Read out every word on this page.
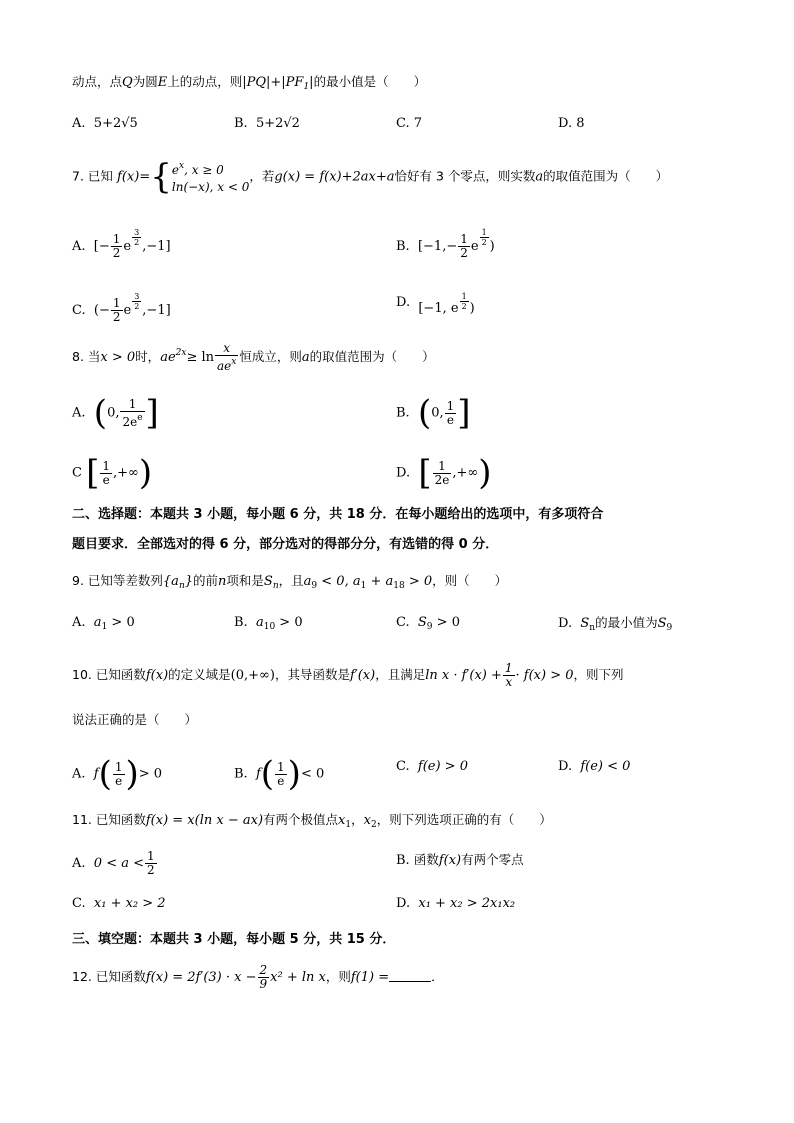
动点，点Q为圆E上的动点，则$|PQ|+|PF_1|$的最小值是（　　）
A. 5+2√5	B. 5+2√2	C. 7	D. 8
7. 已知 f(x)={ $e^x$, x ≥ 0
ln(−x), x < 0
，若g(x) = f(x)+2ax+a恰好有 3 个零点，则实数a的取值范围为（　　）
A. [− $\frac{1}{2}$ e $^{\frac{3}{2}}$ ,−1]	B. [$-1,- \frac{1}{2}$ e $^{\frac{1}{2}}$ )
C. (− $\frac{1}{2}$ e $^{\frac{3}{2}}$ ,−1]
D. [−1, e $^{\frac{1}{2}}$ )
8. 当x > 0时，$ae^{2x}\ge \ln \frac{x}{ae^x}$ 恒成立，则a的取值范围为（　　）
A. (0, $\frac{1}{2e^e}$ ]	B. (0, $\frac{1}{e}$ ]
C [ $\frac{1}{e}$ ,+∞)	D. [ $\frac{1}{2e}$ ,+∞)
二、选择题：本题共 3 小题，每小题 6 分，共 18 分．在每小题给出的选项中，有多项符合
题目要求．全部选对的得 6 分，部分选对的得部分分，有选错的得 0 分．
9. 已知等差数列$\{a_n\}$的前n项和是$S_n$，且$a_9 < 0$, $a_1 + a_{18} > 0$，则（　　）
A. $a_1 > 0$	B. $a_{10} > 0$	C. $S_9 > 0$	D. $S_n$的最小值为$S_9$
10. 已知函数f(x)的定义域是(0,+∞)，其导函数是f′(x)，且满足$\ln x \cdot f'(x) + \frac{1}{x} \cdot f(x) > 0$，则下列
说法正确的是（　　）
A. $f( \frac{1}{e}$ )> 0	B. $f( \frac{1}{e}$ )< 0	C. f(e) > 0	D. f(e) < 0
11. 已知函数f(x) = x(ln x − ax)有两个极值点$x_1$，$x_2$，则下列选项正确的有（　　）
A. $0 < a < \frac{1}{2}$	B. 函数f(x)有两个零点
C. x₁ + x₂ > 2	D. x₁ + x₂ > 2x₁x₂
三、填空题：本题共 3 小题，每小题 5 分，共 15 分．
12. 已知函数$f(x) = 2f'(3) \cdot x - \frac{2}{9} x^2 + \ln x$，则f(1) =	．
